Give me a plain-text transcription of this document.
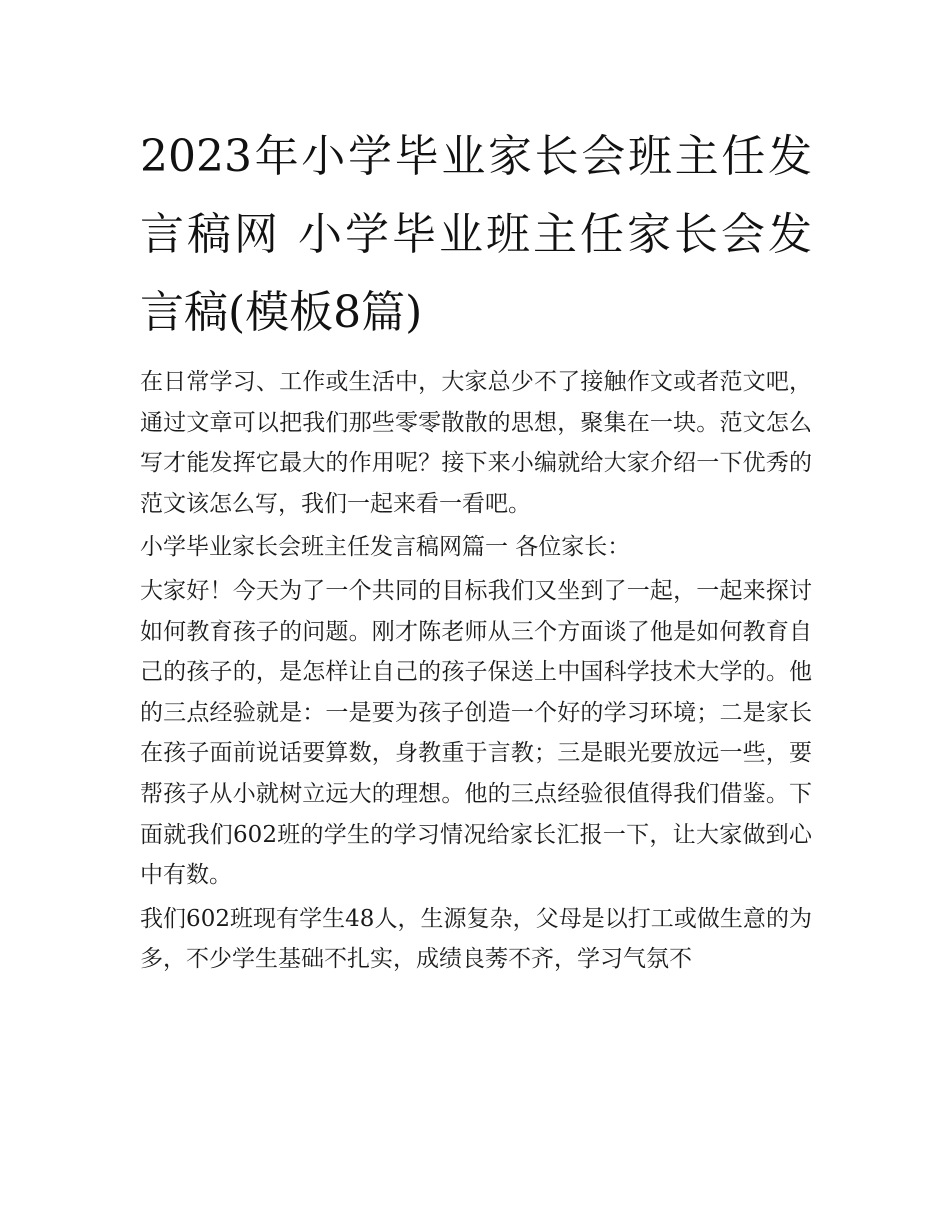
2023年小学毕业家长会班主任发言稿网 小学毕业班主任家长会发言稿(模板8篇)

在日常学习、工作或生活中，大家总少不了接触作文或者范文吧，通过文章可以把我们那些零零散散的思想，聚集在一块。范文怎么写才能发挥它最大的作用呢？接下来小编就给大家介绍一下优秀的范文该怎么写，我们一起来看一看吧。

小学毕业家长会班主任发言稿网篇一 各位家长：

大家好！今天为了一个共同的目标我们又坐到了一起，一起来探讨如何教育孩子的问题。刚才陈老师从三个方面谈了他是如何教育自己的孩子的，是怎样让自己的孩子保送上中国科学技术大学的。他的三点经验就是：一是要为孩子创造一个好的学习环境；二是家长在孩子面前说话要算数，身教重于言教；三是眼光要放远一些，要帮孩子从小就树立远大的理想。他的三点经验很值得我们借鉴。下面就我们602班的学生的学习情况给家长汇报一下，让大家做到心中有数。

我们602班现有学生48人，生源复杂，父母是以打工或做生意的为多，不少学生基础不扎实，成绩良莠不齐，学习气氛不
